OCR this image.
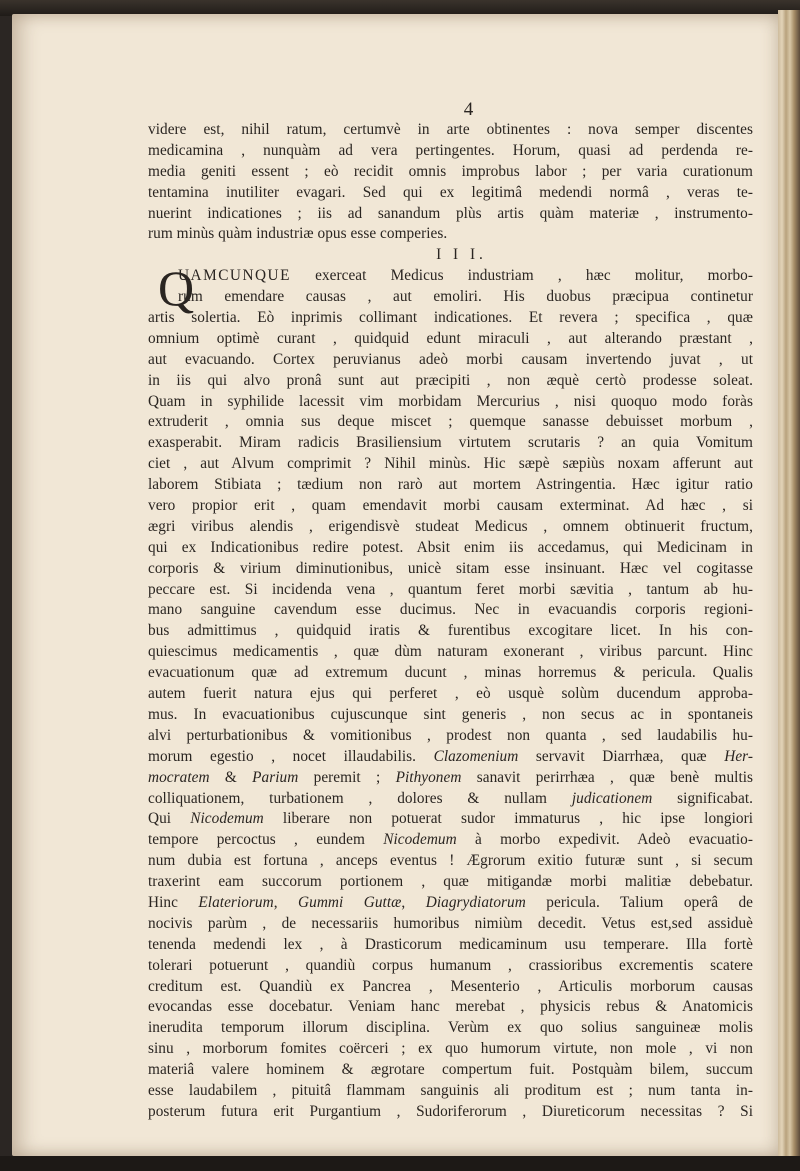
4
videre est, nihil ratum, certumvè in arte obtinentes : nova semper discentes
medicamina , nunquàm ad vera pertingentes. Horum, quasi ad perdenda re-
media geniti essent ; eò recidit omnis improbus labor ; per varia curationum
tentamina inutiliter evagari. Sed qui ex legitimâ medendi normâ , veras te-
nuerint indicationes ; iis ad sanandum plùs artis quàm materiæ , instrumento-
rum minùs quàm industriæ opus esse comperies.
I I I.
Q
UAMCUNQUE exerceat Medicus industriam , hæc molitur, morbo-
rum emendare causas , aut emoliri. His duobus præcipua continetur
artis solertia. Eò inprimis collimant indicationes. Et revera ; specifica , quæ
omnium optimè curant , quidquid edunt miraculi , aut alterando præstant ,
aut evacuando. Cortex peruvianus adeò morbi causam invertendo juvat , ut
in iis qui alvo pronâ sunt aut præcipiti , non æquè certò prodesse soleat.
Quam in syphilide lacessit vim morbidam Mercurius , nisi quoquo modo foràs
extruderit , omnia sus deque miscet ; quemque sanasse debuisset morbum ,
exasperabit. Miram radicis Brasiliensium virtutem scrutaris ? an quia Vomitum
ciet , aut Alvum comprimit ? Nihil minùs. Hic sæpè sæpiùs noxam afferunt aut
laborem Stibiata ; tædium non rarò aut mortem Astringentia. Hæc igitur ratio
vero propior erit , quam emendavit morbi causam exterminat. Ad hæc , si
ægri viribus alendis , erigendisvè studeat Medicus , omnem obtinuerit fructum,
qui ex Indicationibus redire potest. Absit enim iis accedamus, qui Medicinam in
corporis & virium diminutionibus, unicè sitam esse insinuant. Hæc vel cogitasse
peccare est. Si incidenda vena , quantum feret morbi sævitia , tantum ab hu-
mano sanguine cavendum esse ducimus. Nec in evacuandis corporis regioni-
bus admittimus , quidquid iratis & furentibus excogitare licet. In his con-
quiescimus medicamentis , quæ dùm naturam exonerant , viribus parcunt. Hinc
evacuationum quæ ad extremum ducunt , minas horremus & pericula. Qualis
autem fuerit natura ejus qui perferet , eò usquè solùm ducendum approba-
mus. In evacuationibus cujuscunque sint generis , non secus ac in spontaneis
alvi perturbationibus & vomitionibus , prodest non quanta , sed laudabilis hu-
morum egestio , nocet illaudabilis. Clazomenium servavit Diarrhæa, quæ Her-
mocratem & Parium peremit ; Pithyonem sanavit perirrhæa , quæ benè multis
colliquationem, turbationem , dolores & nullam judicationem significabat.
Qui Nicodemum liberare non potuerat sudor immaturus , hic ipse longiori
tempore percoctus , eundem Nicodemum à morbo expedivit. Adeò evacuatio-
num dubia est fortuna , anceps eventus ! Ægrorum exitio futuræ sunt , si secum
traxerint eam succorum portionem , quæ mitigandæ morbi malitiæ debebatur.
Hinc Elateriorum, Gummi Guttæ, Diagrydiatorum pericula. Talium operâ de
nocivis parùm , de necessariis humoribus nimiùm decedit. Vetus est,sed assiduè
tenenda medendi lex , à Drasticorum medicaminum usu temperare. Illa fortè
tolerari potuerunt , quandiù corpus humanum , crassioribus excrementis scatere
creditum est. Quandiù ex Pancrea , Mesenterio , Articulis morborum causas
evocandas esse docebatur. Veniam hanc merebat , physicis rebus & Anatomicis
inerudita temporum illorum disciplina. Verùm ex quo solius sanguineæ molis
sinu , morborum fomites coërceri ; ex quo humorum virtute, non mole , vi non
materiâ valere hominem & ægrotare compertum fuit. Postquàm bilem, succum
esse laudabilem , pituitâ flammam sanguinis ali proditum est ; num tanta in-
posterum futura erit Purgantium , Sudoriferorum , Diureticorum necessitas ? Si
